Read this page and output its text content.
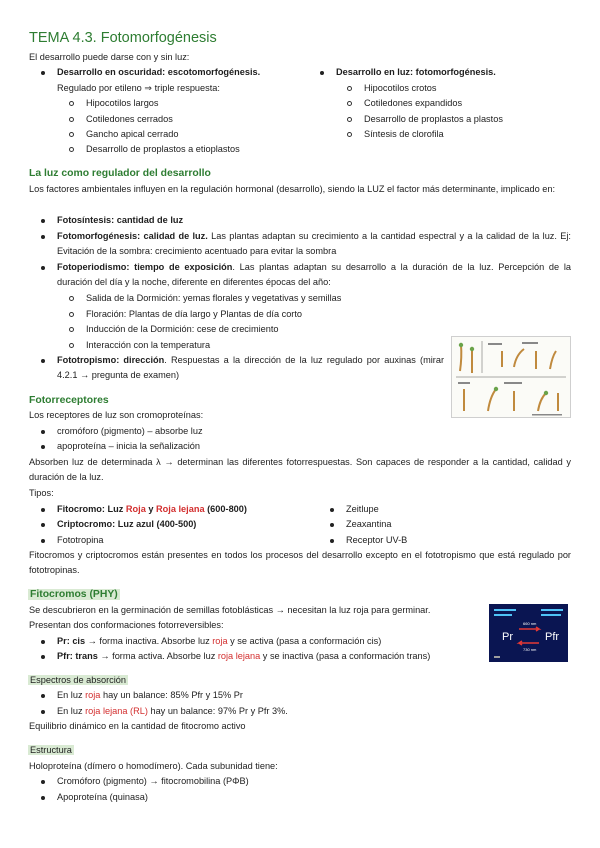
TEMA 4.3. Fotomorfogénesis
El desarrollo puede darse con y sin luz:
Desarrollo en oscuridad: escotomorfogénesis.
Regulado por etileno ⇒ triple respuesta:
Hipocotilos largos
Cotiledones cerrados
Gancho apical cerrado
Desarrollo de proplastos a etioplastos
Desarrollo en luz: fotomorfogénesis.
Hipocotilos crotos
Cotiledones expandidos
Desarrollo de proplastos a plastos
Síntesis de clorofila
La luz como regulador del desarrollo
Los factores ambientales influyen en la regulación hormonal (desarrollo), siendo la LUZ el factor más determinante, implicado en:
Fotosíntesis: cantidad de luz
Fotomorfogénesis: calidad de luz. Las plantas adaptan su crecimiento a la cantidad espectral y a la calidad de la luz. Ej: Evitación de la sombra: crecimiento acentuado para evitar la sombra
Fotoperiodismo: tiempo de exposición. Las plantas adaptan su desarrollo a la duración de la luz. Percepción de la duración del día y la noche, diferente en diferentes épocas del año:
Salida de la Dormición: yemas florales y vegetativas y semillas
Floración: Plantas de día largo y Plantas de día corto
Inducción de la Dormición: cese de crecimiento
Interacción con la temperatura
Fototropismo: dirección. Respuestas a la dirección de la luz regulado por auxinas (mirar 4.2.1 → pregunta de examen)
Fotorreceptores
Los receptores de luz son cromoproteínas:
cromóforo (pigmento) – absorbe luz
apoproteína – inicia la señalización
Absorben luz de determinada λ → determinan las diferentes fotorrespuestas. Son capaces de responder a la cantidad, calidad y duración de la luz.
Tipos:
Fitocromo: Luz Roja y Roja lejana (600-800)
Criptocromo: Luz azul (400-500)
Fototropina
Zeitlupe
Zeaxantina
Receptor UV-B
Fitocromos y criptocromos están presentes en todos los procesos del desarrollo excepto en el fototropismo que está regulado por fototropinas.
Fitocromos (PHY)
Se descubrieron en la germinación de semillas fotoblásticas → necesitan la luz roja para germinar.
Presentan dos conformaciones fotorreversibles:
Pr: cis → forma inactiva. Absorbe luz roja y se activa (pasa a conformación cis)
Pfr: trans → forma activa. Absorbe luz roja lejana y se inactiva (pasa a conformación trans)
Pr	Pfr
660 nm
730 nm
Espectros de absorción
En luz roja hay un balance: 85% Pfr y 15% Pr
En luz roja lejana (RL) hay un balance: 97% Pr y Pfr 3%.
Equilibrio dinámico en la cantidad de fitocromo activo
Estructura
Holoproteína (dímero o homodímero). Cada subunidad tiene:
Cromóforo (pigmento) → fitocromobilina (PΦB)
Apoproteína (quinasa)
